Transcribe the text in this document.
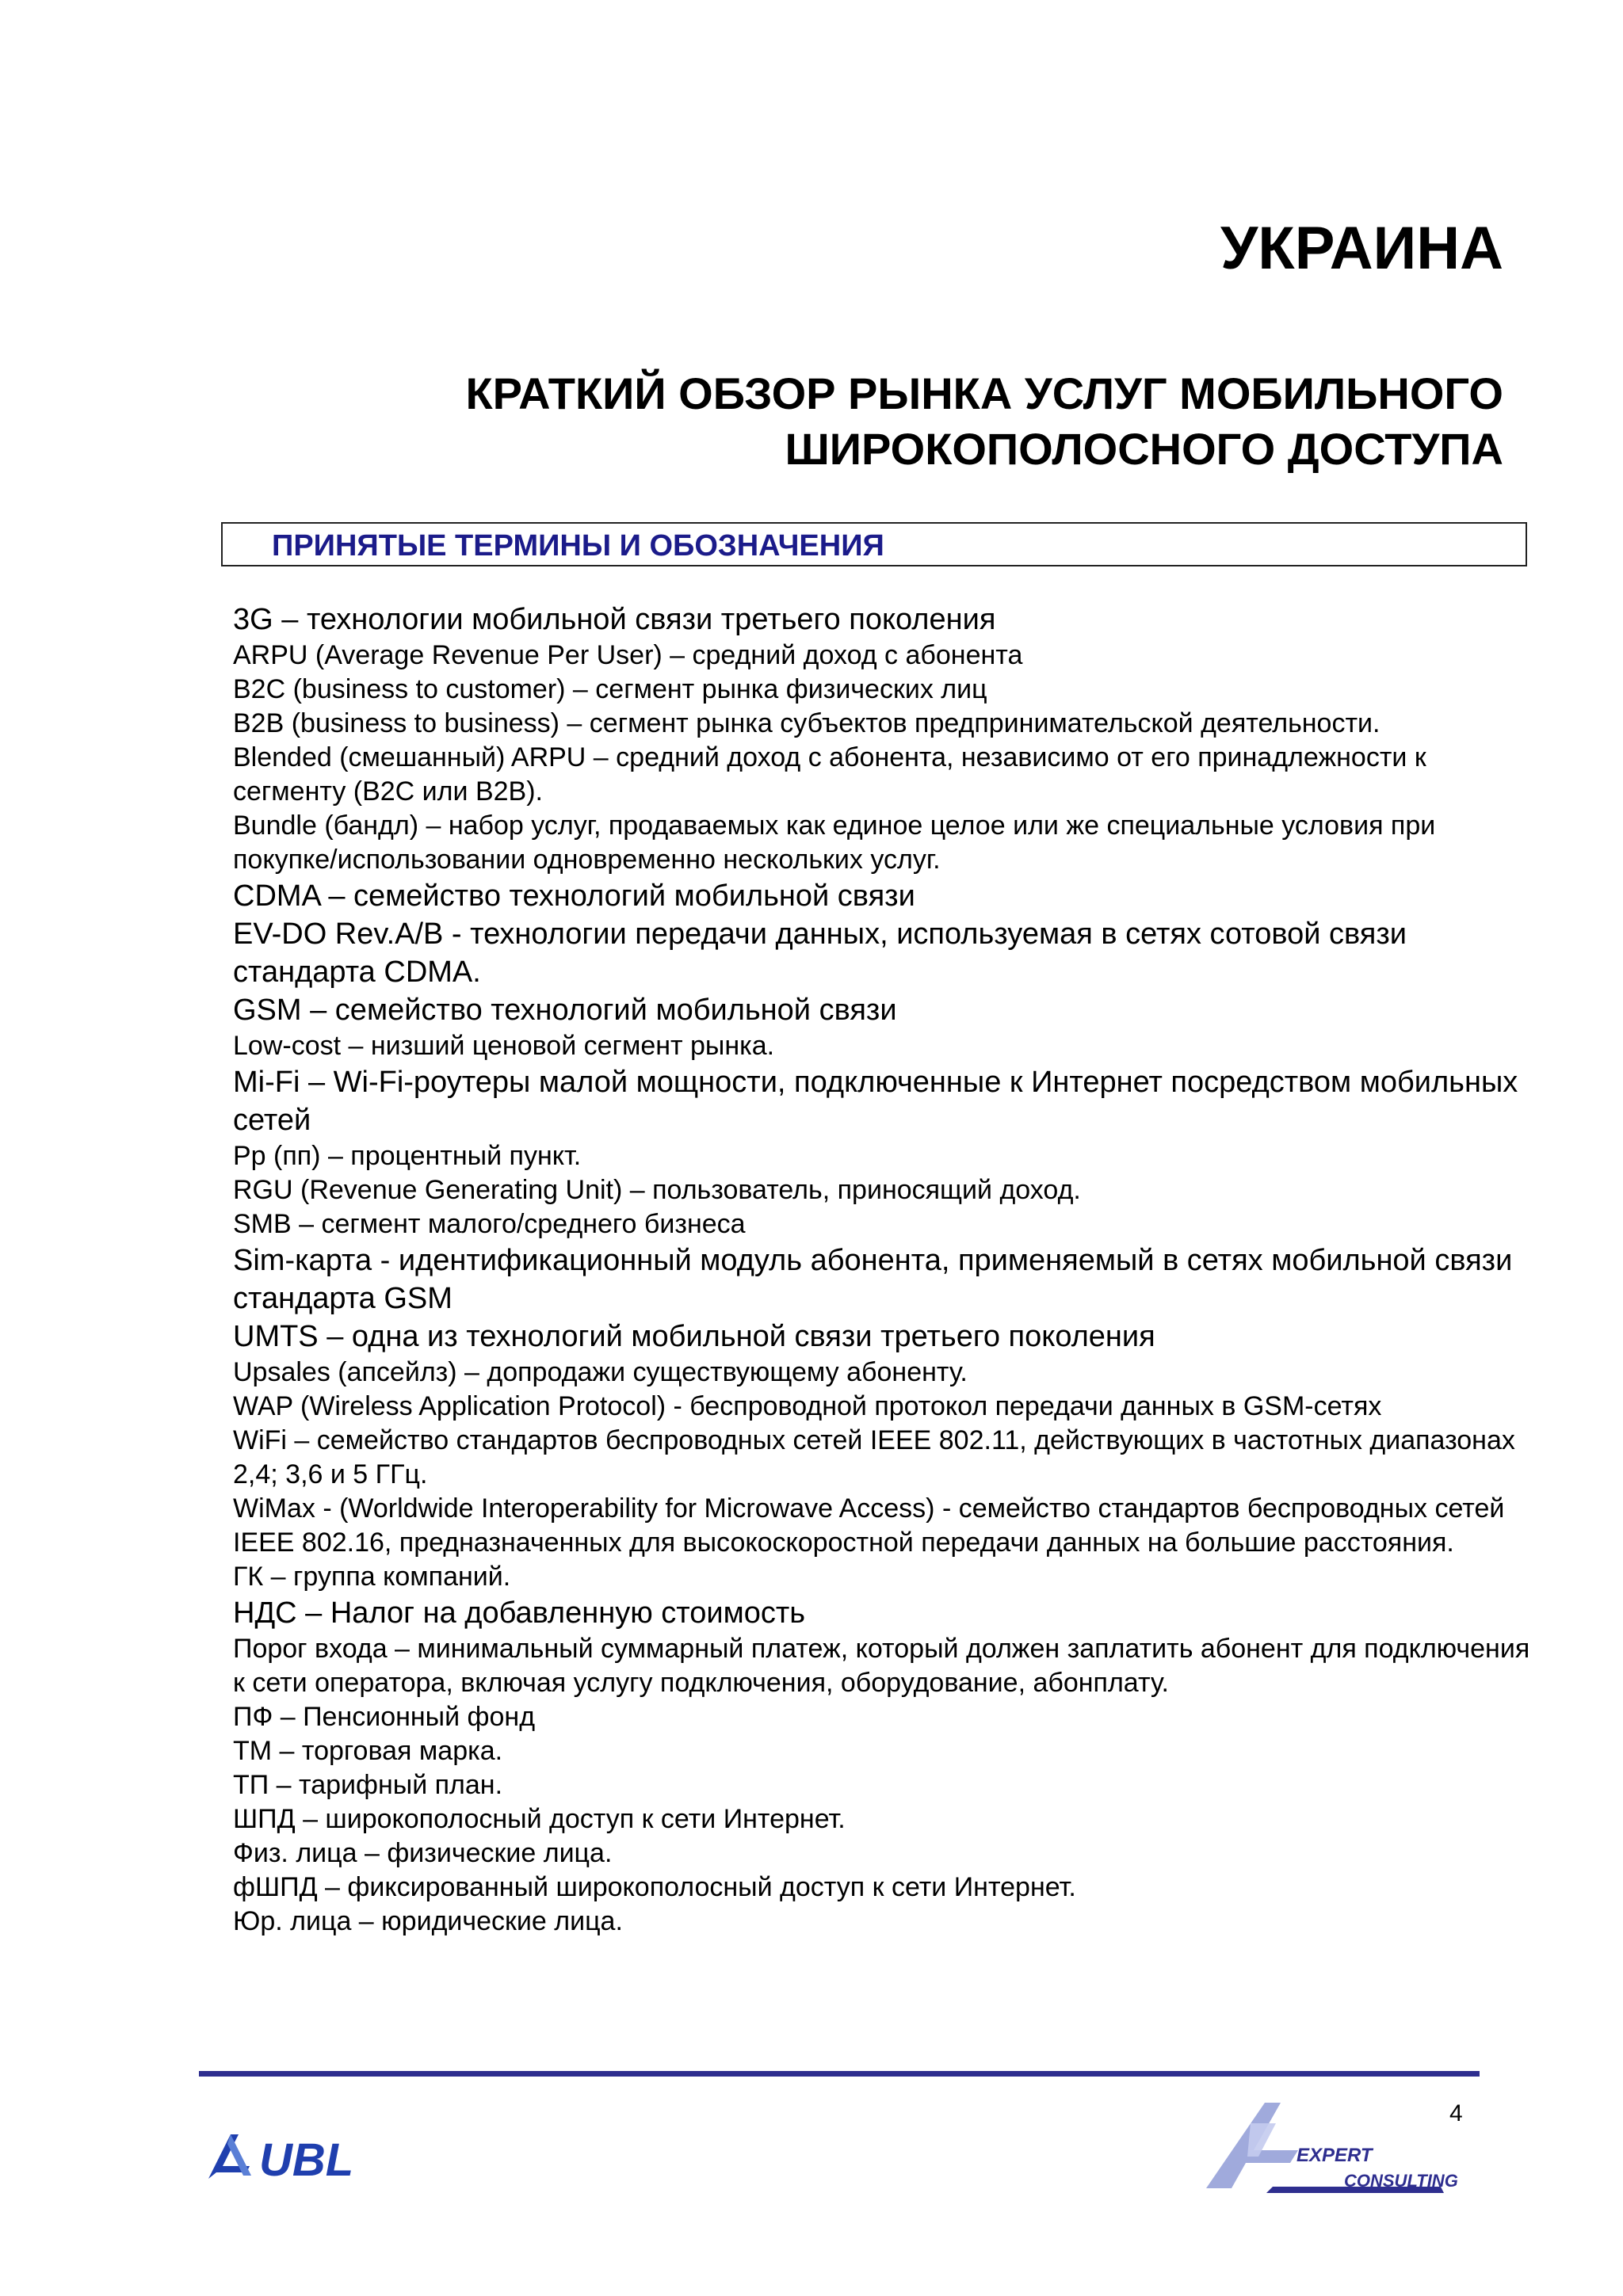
УКРАИНА
КРАТКИЙ ОБЗОР РЫНКА УСЛУГ МОБИЛЬНОГО
ШИРОКОПОЛОСНОГО ДОСТУПА
ПРИНЯТЫЕ ТЕРМИНЫ И ОБОЗНАЧЕНИЯ
3G – технологии мобильной связи третьего поколения
ARPU (Average Revenue Per User) – средний доход с абонента
B2C (business to customer) – сегмент рынка физических лиц
B2B (business to business) – сегмент рынка субъектов предпринимательской деятельности.
Blended (смешанный) ARPU – средний доход с абонента, независимо от его принадлежности к сегменту (B2C или B2B).
Bundle (бандл) – набор услуг, продаваемых как единое целое или же специальные условия при покупке/использовании одновременно нескольких услуг.
CDMA – семейство технологий мобильной связи
EV-DO Rev.A/B - технологии передачи данных, используемая в сетях сотовой связи стандарта CDMA.
GSM – семейство технологий мобильной связи
Low-cost – низший ценовой сегмент рынка.
Mi-Fi – Wi-Fi-роутеры малой мощности, подключенные к Интернет посредством мобильных сетей
Pp (пп) – процентный пункт.
RGU (Revenue Generating Unit) – пользователь, приносящий доход.
SMB – сегмент малого/среднего бизнеса
Sim-карта - идентификационный модуль абонента, применяемый в сетях мобильной связи стандарта GSM
UMTS – одна из технологий мобильной связи третьего поколения
Upsales (апсейлз) – допродажи существующему абоненту.
WAP (Wireless Application Protocol) - беспроводной протокол передачи данных в GSM-сетях
WiFi – семейство стандартов беспроводных сетей IEEE 802.11, действующих в частотных диапазонах 2,4; 3,6 и 5 ГГц.
WiMax - (Worldwide Interoperability for Microwave Access) - семейство стандартов беспроводных сетей IEEE 802.16, предназначенных для высокоскоростной передачи данных на большие расстояния.
ГК – группа компаний.
НДС – Налог на добавленную стоимость
Порог входа – минимальный суммарный платеж, который должен заплатить абонент для подключения к сети оператора, включая услугу подключения, оборудование, абонплату.
ПФ – Пенсионный фонд
ТМ – торговая марка.
ТП – тарифный план.
ШПД – широкополосный доступ к сети Интернет.
Физ. лица – физические лица.
фШПД – фиксированный широкополосный доступ к сети Интернет.
Юр. лица – юридические лица.

4

UBL	EXPERT
CONSULTING
